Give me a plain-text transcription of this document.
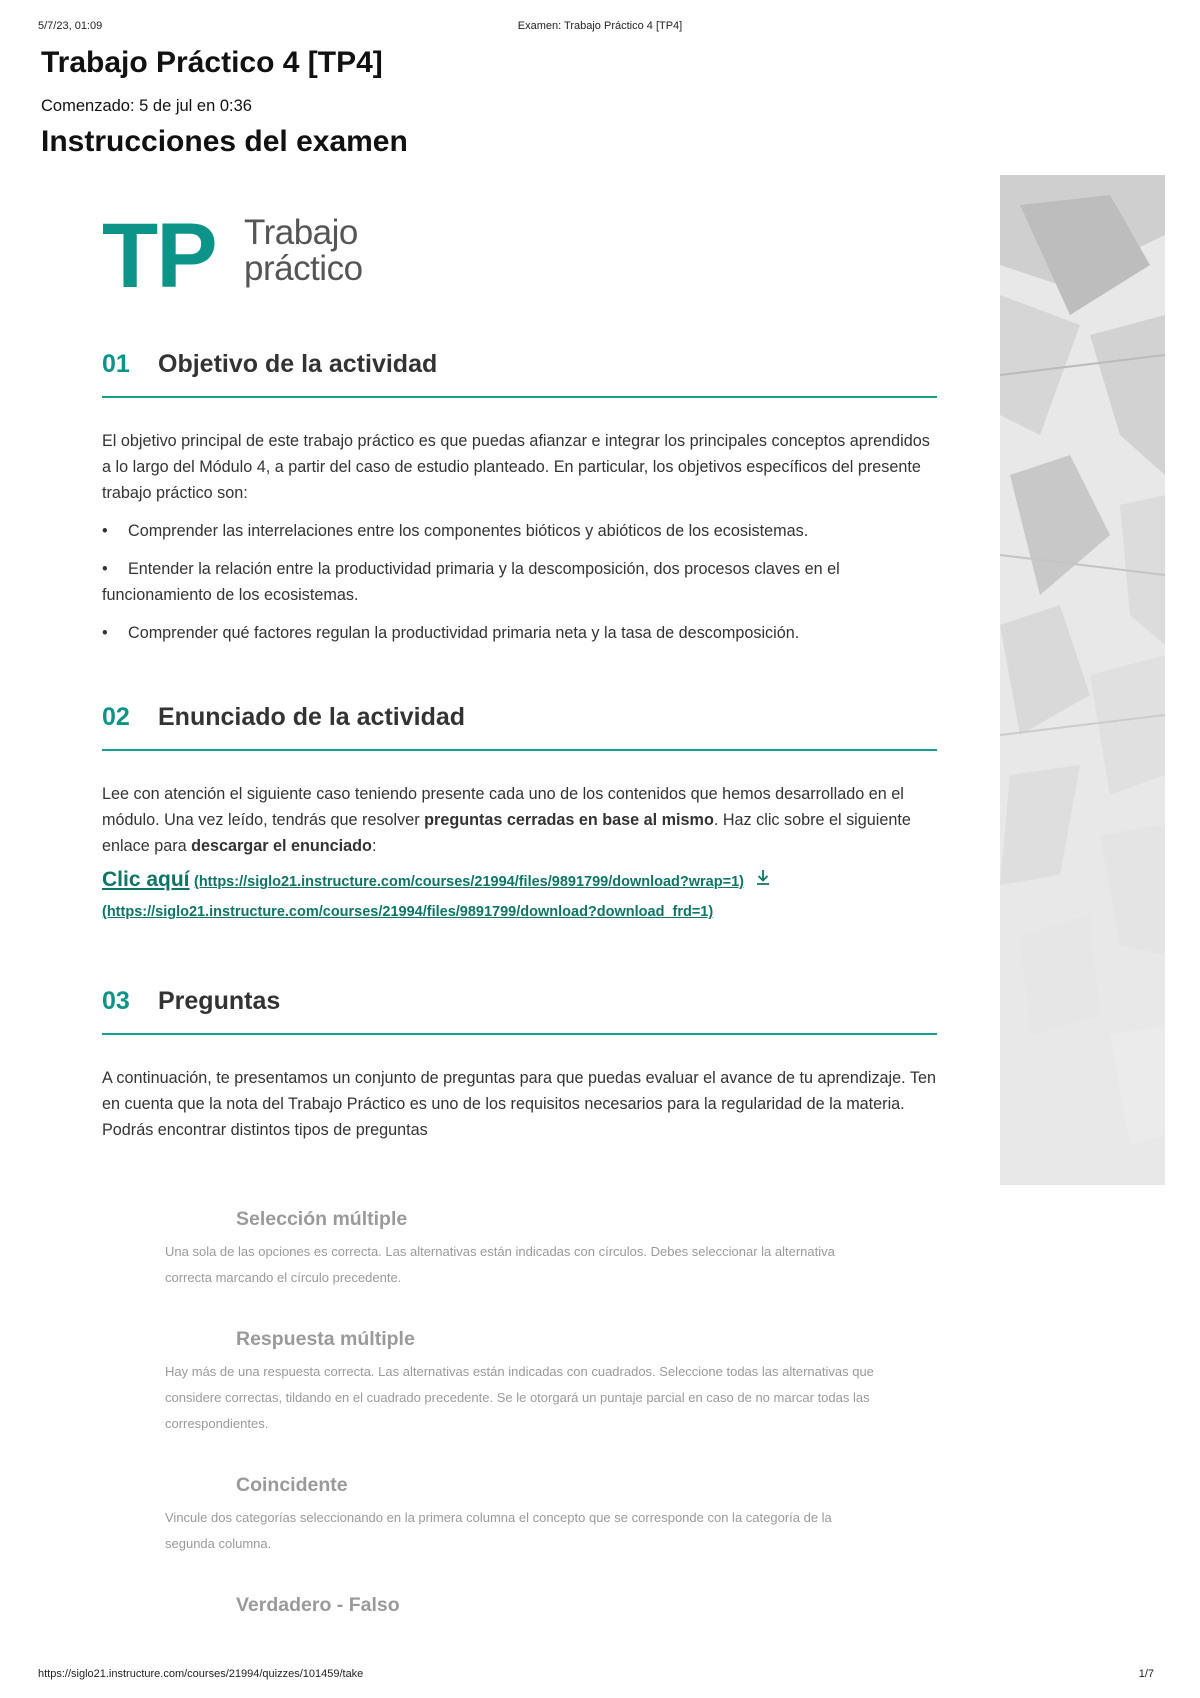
5/7/23, 01:09	Examen: Trabajo Práctico 4 [TP4]
Trabajo Práctico 4 [TP4]
Comenzado: 5 de jul en 0:36
Instrucciones del examen
TP Trabajo
práctico
01 Objetivo de la actividad

El objetivo principal de este trabajo práctico es que puedas afianzar e integrar los principales conceptos aprendidos a lo largo del Módulo 4, a partir del caso de estudio planteado. En particular, los objetivos específicos del presente trabajo práctico son:

• Comprender las interrelaciones entre los componentes bióticos y abióticos de los ecosistemas.
• Entender la relación entre la productividad primaria y la descomposición, dos procesos claves en el funcionamiento de los ecosistemas.
• Comprender qué factores regulan la productividad primaria neta y la tasa de descomposición.
02 Enunciado de la actividad

Lee con atención el siguiente caso teniendo presente cada uno de los contenidos que hemos desarrollado en el módulo. Una vez leído, tendrás que resolver preguntas cerradas en base al mismo. Haz clic sobre el siguiente enlace para descargar el enunciado:

Clic aquí (https://siglo21.instructure.com/courses/21994/files/9891799/download?wrap=1)
(https://siglo21.instructure.com/courses/21994/files/9891799/download?download_frd=1)
03 Preguntas

A continuación, te presentamos un conjunto de preguntas para que puedas evaluar el avance de tu aprendizaje. Ten en cuenta que la nota del Trabajo Práctico es uno de los requisitos necesarios para la regularidad de la materia. Podrás encontrar distintos tipos de preguntas

Selección múltiple
Una sola de las opciones es correcta. Las alternativas están indicadas con círculos. Debes seleccionar la alternativa correcta marcando el círculo precedente.
Respuesta múltiple
Hay más de una respuesta correcta. Las alternativas están indicadas con cuadrados. Seleccione todas las alternativas que considere correctas, tildando en el cuadrado precedente. Se le otorgará un puntaje parcial en caso de no marcar todas las correspondientes.
Coincidente
Vincule dos categorías seleccionando en la primera columna el concepto que se corresponde con la categoría de la segunda columna.
Verdadero - Falso
https://siglo21.instructure.com/courses/21994/quizzes/101459/take	1/7
